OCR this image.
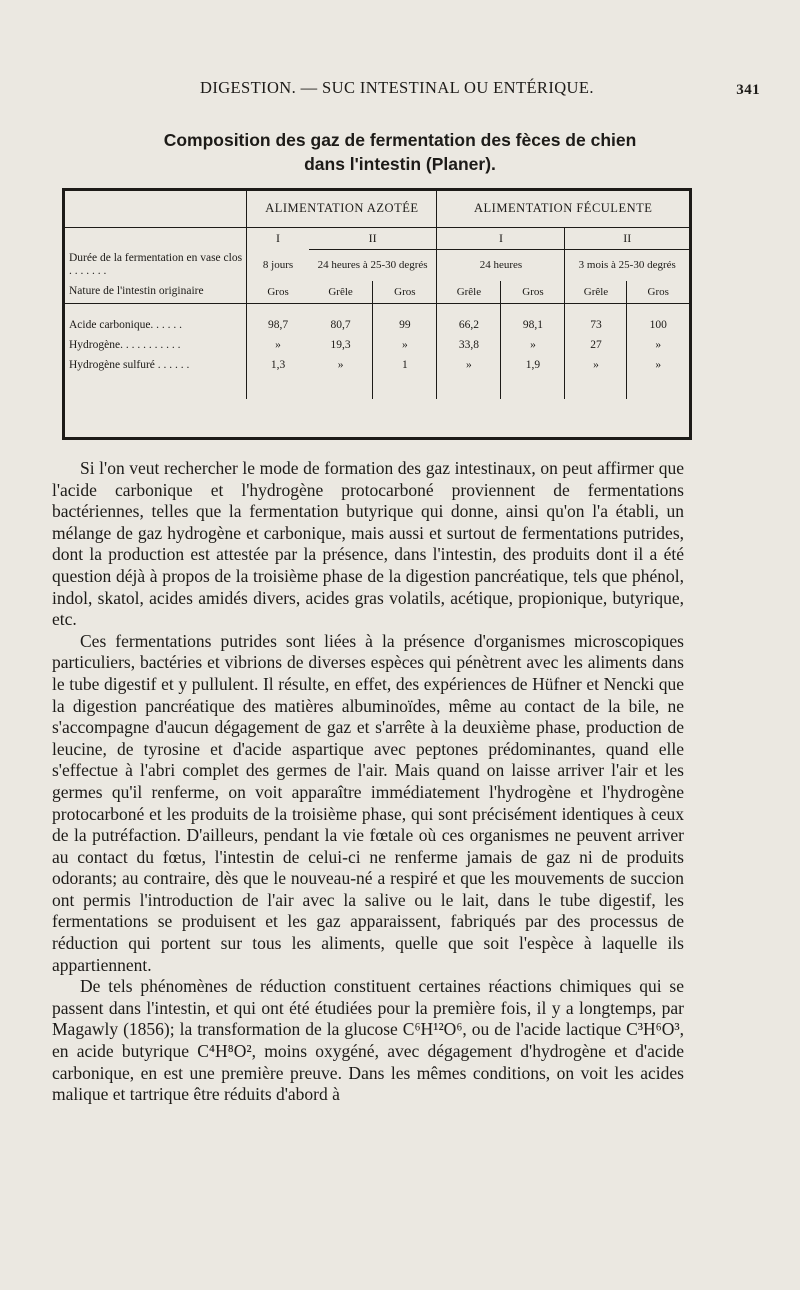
DIGESTION. — SUC INTESTINAL OU ENTÉRIQUE.	341
Composition des gaz de fermentation des fèces de chien
dans l'intestin (Planer).
	ALIMENTATION AZOTÉE			ALIMENTATION FÉCULENTE			
	I	II		I		II	
Durée de la fermentation en vase clos . . . . . . .	8 jours	24 heures à 25-30 degrés		24 heures		3 mois à 25-30 degrés	
Nature de l'intestin originaire	Gros	Grêle	Gros	Grêle	Gros	Grêle	Gros

Acide carbonique. . . . . .	98,7	80,7	99	66,2	98,1	73	100
Hydrogène. . . . . . . . . . .	»	19,3	»	33,8	»	27	»
Hydrogène sulfuré . . . . . .	1,3	»	1	»	1,9	»	»

Si l'on veut rechercher le mode de formation des gaz intestinaux, on peut affirmer que l'acide carbonique et l'hydrogène protocarboné proviennent de fermentations bactériennes, telles que la fermentation butyrique qui donne, ainsi qu'on l'a établi, un mélange de gaz hydrogène et carbonique, mais aussi et surtout de fermentations putrides, dont la production est attestée par la présence, dans l'intestin, des produits dont il a été question déjà à propos de la troisième phase de la digestion pancréatique, tels que phénol, indol, skatol, acides amidés divers, acides gras volatils, acétique, propionique, butyrique, etc.

Ces fermentations putrides sont liées à la présence d'organismes microscopiques particuliers, bactéries et vibrions de diverses espèces qui pénètrent avec les aliments dans le tube digestif et y pullulent. Il résulte, en effet, des expériences de Hüfner et Nencki que la digestion pancréatique des matières albuminoïdes, même au contact de la bile, ne s'accompagne d'aucun dégagement de gaz et s'arrête à la deuxième phase, production de leucine, de tyrosine et d'acide aspartique avec peptones prédominantes, quand elle s'effectue à l'abri complet des germes de l'air. Mais quand on laisse arriver l'air et les germes qu'il renferme, on voit apparaître immédiatement l'hydrogène et l'hydrogène protocarboné et les produits de la troisième phase, qui sont précisément identiques à ceux de la putréfaction. D'ailleurs, pendant la vie fœtale où ces organismes ne peuvent arriver au contact du fœtus, l'intestin de celui-ci ne renferme jamais de gaz ni de produits odorants; au contraire, dès que le nouveau-né a respiré et que les mouvements de succion ont permis l'introduction de l'air avec la salive ou le lait, dans le tube digestif, les fermentations se produisent et les gaz apparaissent, fabriqués par des processus de réduction qui portent sur tous les aliments, quelle que soit l'espèce à laquelle ils appartiennent.

De tels phénomènes de réduction constituent certaines réactions chimiques qui se passent dans l'intestin, et qui ont été étudiées pour la première fois, il y a longtemps, par Magawly (1856); la transformation de la glucose C⁶H¹²O⁶, ou de l'acide lactique C³H⁶O³, en acide butyrique C⁴H⁸O², moins oxygéné, avec dégagement d'hydrogène et d'acide carbonique, en est une première preuve. Dans les mêmes conditions, on voit les acides malique et tartrique être réduits d'abord à
